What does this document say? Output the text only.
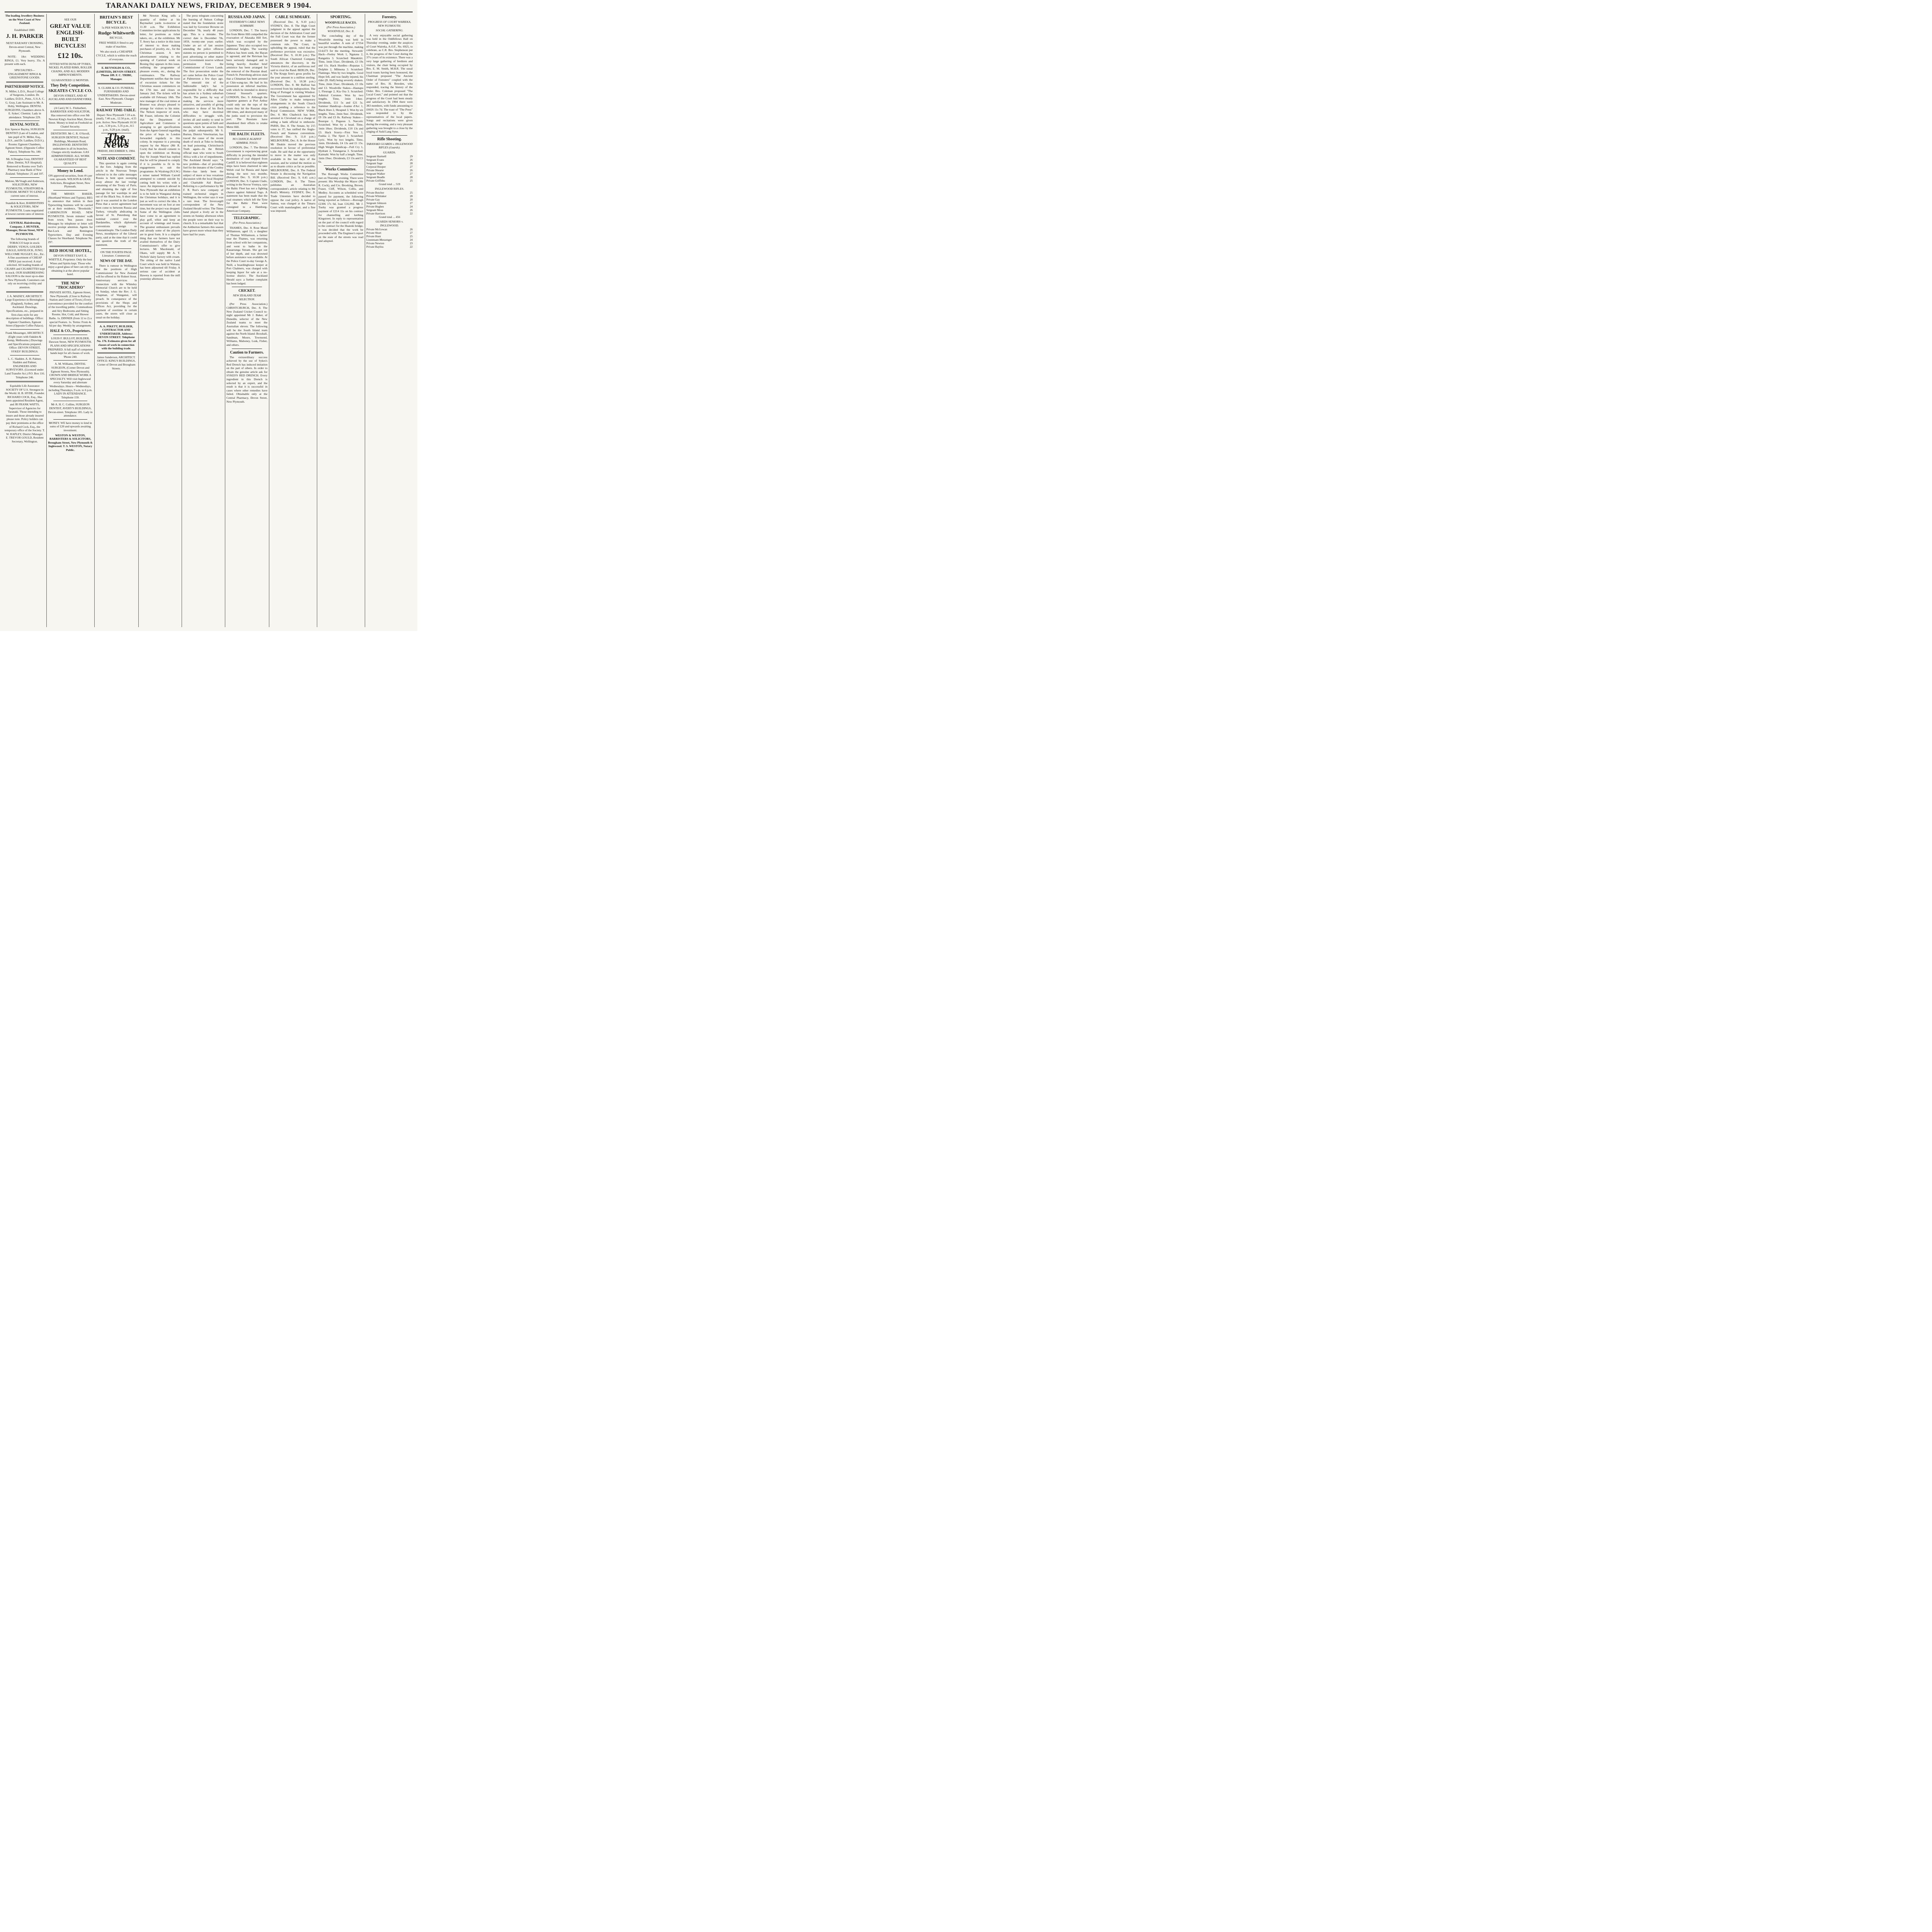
TARANAKI DAILY NEWS, FRIDAY, DECEMBER 9 1904.
The leading Jewellery Business on the West Coast of New Zealand.
Established 1880.
J. H. PARKER
NEXT RAILWAY CROSSING, Devon-street Central, New Plymouth.
NOTE: 18ct WEDDING RINGS, £1. Very heavy, 35s. A present with each.
SPECIALTIES—ENGAGEMENT RINGS & GREENSTONE GOODS.
PARTNERSHIP NOTICE.
N. Miller, L.D.S., Royal College of Surgeons, London. Dr. Laidlaw, D.D.S., Penn., U.S.A. C. G. Gray, Late Assistant to Mr. A. Hoby, Wellington. DENTAL SURGEONS, Chambers above A. E. Sykes', Chemist. Lady in attendance. Telephone 229.
DENTAL NOTICE.
Eric Spencer Bayley, SURGEON DENTIST (Late of London, and late pupil of N. Miller, Esq., L.D.S., and Dr. Laidlaw, D.D.S.). Rooms: Egmont Chambers, Egmont Street. (Opposite Coffee Palace). Telephone No. 180.
Mr. A Douglas Gray, DENTIST (Hon. Dentist, N.P. Hospital). Removed to Rooms over Tod's Pharmacy near Bank of New Zealand. Telephone: 25 and 107.
Malone, McVeagh and Anderson, SOLICITORS, NEW PLYMOUTH, STRATFORD & ELTHAM. MONEY TO LEND at current rates of interest.
Standish & Kerr, BARRISTERS & SOLICITORS, NEW PLYMOUTH. Loans negotiated at lowest current rates of interest.
CENTRAL Hairdressing Company. J. HUNTER, Manager, Devon Street, NEW PLYMOUTH.
The following brands of TOBACCO kept in stock: DERBY, VENUS, GOLDEN EAGLE, HAVELOCK, JUNO, WELCOME NUGGET, Etc., Etc. A fine assortment of CHEAP PIPES just received. A trial solicited. All leading brands of CIGARS and CIGARETTES kept in stock. OUR HAIRDRESSING SALOON is the most up-to-date in New Plymouth. Customers can rely on receiving civility and attention.
J. A. MAISEY, ARCHITECT. Large Experience in Birmingham (England), Sydney, and Auckland. Drawings, Specifications, etc., prepared in first-class style for any description of buildings. Office: Egmont Chambers, Egmont Street (Opposite Coffee Palace).
Frank Messenger, ARCHITECT. (Eight years with Oakden & Kemp, Melbourne.) Drawings and Specifications prepared. Office: DEVON STREET, SYKES' BUILDINGS.
L. C. Sladden. A. H. Palmer. Sladden and Palmer, ENGINEERS AND SURVEYORS. (Licensed under Land Transfer Act.) P.O. Box 116. Telephone 246.
Equitable Life Assurance SOCIETY OF U.S. Strongest in the World. H. B. HYDE, Founder. RICHARD COCK, Esq., Has been appointed Resident Agent, and JR FRANK WATTS, Supervisor of Agencies for Taranaki. Those intending to insure and those already insured please note. Policy holders can pay their premiums at the office of Richard Cock, Esq., the temporary office of the Society. T. W. RAPLEY, District Manager. E. TREVOR GOULD, Resident Secretary, Wellington.
SEE OUR
GREAT VALUE ENGLISH-BUILT BICYCLES!
£12 10s.
FITTED WITH DUNLOP TYRES, NICKEL PLATED RIMS, ROLLER CHAINS, AND ALL MODERN IMPROVEMENTS.
GUARANTEED 12 MONTHS.
They Defy Competition.
SKEATES CYCLE CO.
DEVON STREET, AND AT AUCKLAND AND DANNEVIRKE.
(A Card.) W. L. Fitzherbert, BARRISTER AND SOLICITOR, Has removed into office over Mr Newton King's Auction Mart, Devon Street. Money to lend on Freehold on Chattel Security.
DENTISTRY. Mr C. R. O'Arroll, SURGEON DENTIST, Nichols' Buildings, Mountain Road, INGLEWOOD. DENTISTRY undertaken in all its branches. Charges strictly moderate. GAS ADMINISTERED. ALL WORK GUARANTEED OF BEST QUALITY.
Money to Lend.
ON approved securities, from 4½ per cent. upwards. WILSON & GRAY, Solicitors, Brougham Street, New Plymouth.
THE MISSES BAKER, (Shorthand Writers and Typists). BEG to announce that tuition in their Typewriting business will be carried on at their residence, "Brookside," CARRINGTON ROAD, NEW PLYMOUTH. Seven minutes' walk from town; 'bus passes door. Messages by telephone or letter will receive prompt attention. Agents for Bar-Lock and Remington Typewriters. Day and Evening Classes for Shorthand. Telephone No. 297.
RED HOUSE HOTEL,
DEVON STREET EAST. E. WHITTLE, Proprietor. Only the best Wines and Spirits kept. Those who enjoy a good glass of beer can rely on obtaining it at the above popular hotel.
THE NEW "TROCADERO"
PRIVATE HOTEL, Egmont-Street, New Plymouth. (Close to Railway Station and Centre of Town.) Every convenience provided for the comfort of the travelling public. Commodious and Airy Bedrooms and Sitting Rooms. Hot, Cold, and Shower Baths. 1s. DINNER (from 12 to 2) a special Feature. 1s. Terms: From 4s 6d per day. Weekly by arrangement.
HALE & CO., Proprietors.
LOUIS F. BULLOT, BUILDER, Dawson Street, NEW PLYMOUTH. PLANS AND SPECIFICATIONS PREPARED. A full staff of competent hands kept for all classes of work. 'Phone 240.
A. M. Williams, DENTAL SURGEON, (Corner Devon and Egmont Streets, New Plymouth). CROWN AND BRIDGE WORK A SPECIALTY. Will visit Inglewood every Saturday and alternate Wednesdays. Hours—Wednesdays, including Thursdays, 9 a.m. to 6 p.m. LADY IN ATTENDANCE. Telephone 159.
Mr A. H. C. Collins, SURGEON DENTIST, AVERY'S BUILDINGS, Devon-street. Telephone 185. Lady in attendance.
MONEY. WE have money to lend in sums of £20 and upwards awaiting investment.
WESTON & WESTON, BARRISTERS & SOLICITORS, Brougham Street, New Plymouth & Inglewood. T. S. WESTON, Notary Public.
BRITAIN'S BEST BICYCLE.
5s PER WEEK BUYS A
Rudge-Whitworth
BICYCLE.
FREE WHEELS fitted to any make of machine.
We also stock a CHEAPER CYCLE, which is within the reach of everyone.
E. REYNOLDS & CO., (LIMITED), DEVON STREET. 'Phone 109. F. C. TRIBE, Manager.
S. CLARK & CO. FUNERAL FURNISHERS AND UNDERTAKERS. Devon-street East. New Plymouth. Charges Moderate.
RAILWAY TIME-TABLE.
Depart: New Plymouth 7.10 a.m. (mail), 7.40 a.m., 12.50 p.m., 4.55 p.m. Arrive: New Plymouth 10.50 a.m., 3.30 p.m., 5.35 p.m., 8.5 p.m., 9.20 p.m. (mail).
The Daily News
FRIDAY, DECEMBER 9, 1904.
NOTE AND COMMENT.
This question is again coming to the fore. Judging from the article in the Nouveau Temps referred to in the cable messages Russia is bent upon sweeping away almost the last vestige remaining of the Treaty of Paris, and obtaining the right of free passage for her warships in and out of the Black Sea. A short time ago it was asserted in the London Press that a secret agreement had been come to between Russia and Turkey, virtually abdicating in favour of St. Petersburg that nominal control over the Dardanelles, which diplomatic conventions assign to Constantinople. The London Daily News, mouthpiece of the Liberal party, said at the time that it could not question the truth of the statement.
ON THE FOURTH PAGE. Literature. Commercial.
NEWS OF THE DAY.
There is rumour in Wellington that the positions of High Commissioner for New Zealand will be offered to Sir Robert Stout. Anniversary services in connection with the Whiteley Memorial Church are to be held on Sunday, when the Rev. J. G. Chapman, of Wanganui, will preach. In consequence of the provisions of the Shops and Offices Act, providing for the payment of overtime in certain cases, the stores will close as usual on the holiday.
A. A. PIKETT, BUILDER, CONTRACTOR AND UNDERTAKER. Address: DEVON STREET. Telephone No. 176. Estimates given for all classes of work in connection with the building trade.
James Sanderson, ARCHITECT. OFFICE: KING'S BUILDINGS, Corner of Devon and Brougham Streets.
Mr Newton King sells a quantity of timber at his Baymarket yards to-morrow at 11.30 a.m. The Exhibition Committee invites applications by letter, for positions as ticket takers, etc., at the exhibition. Mr T. Avery has a notice in this issue of interest to those making purchases of jewelry, etc., for the Christmas season. A new advertisement relating to the opening of Carnival week on Boxing Day appears in this issue, outlining the programme of pleasure events, etc., during the continuance. The Railway Department notifies that the issue of excursion tickets for the Christmas season commences on the 17th inst. and closes on January 2nd. The tickets will be available till February 18th. The new manager of the coal mines at Brunner was always pleased to arrange for visitors to his mine. The Nelson inspector of stock, Mr Fraser, informs the Colonist that the Department of Agriculture and Commerce is arranging to get specifications from the Agent-General regarding the price of hops in London forwarded regularly to this colony. In response to a pressing request by the Mayor (Mr R. Cock) that he should consent to open the exhibition on Boxing Day Sir Joseph Ward has replied that he will be pleased to comply if it is possible to fit in his engagements to suit the programme. At Wyalong (N.S.W.) a miner named William Carroll attempted to commit suicide by cutting both his wrists with a razor. An impression is abroad in New Plymouth that an exhibition is to be held in Wanganui during the Christmas holidays, and it is just as well to correct the idea. A movement was set on foot at one time, but the project was dropped. Some of the Wellington clubs have come to an agreement to play golf, whist and keep an account of winnings and losses. The greatest enthusiasm prevails and already some of the players are in great form. It is a singular thing that our farmers have not availed themselves of the Dairy Commissioner's offer to give lectures. Mr Macdonald, of Okato, will supply Mr A. T. Nichols' dairy factory with cream. The sitting of the native Land Court which was held in Waitara, has been adjourned till Friday. A serious case of accident at Hawera is reported from the mill yesterday afternoon.
The press telegram concerning the burning of Nelson College stated that the foundation stone was laid by Governor Browne on December 7th, nearly 48 years ago. This is a mistake. The correct date is December 7th, 1859, twenty-one years earlier. Under an act of last session amending the police offences statutes no person is permitted to post advertising or other matter on a Government reserve without permission from the Commissioner of Crown Lands. The first prosecution under the act came before the Police Court at Palmerston a few days ago. The emerald tint of the fashionable lady's hat is responsible for a difficulty that has arisen in a Sydney suburban church. The pastor, by way of making the services more attractive, and possibly of giving assistance to those of his flock who may have doctrinal difficulties to struggle with, invites all and sundry to send in questions upon points of faith and morals, which he answers from the pulpit subsequently. Mr S. Burton, District Veterinarian, has traced the cause of the recent death of stock at Toko to feeding on lead poisoning. Christchurch Truth again—In the British official man who went to South Africa with a lot of impediments. The Auckland Herald says: "A new problem—that of providing fuel for the inmates of the Costley Home—has lately been the subject of more or less vexatious discussion with the local Hospital and Charitable Aid Board." Referring to a performance by Mr F. R. Roe's new company of trained orchestral singers in Wellington, the writer says it was a rare treat. The Invercargill correspondent of the New Zealand Herald writes: The Times band played a lively air in the streets on Sunday afternoon when the people were on their way to church. It is a remarkable fact that the Ashburton farmers this season have grown more wheat than they have had for years.
RUSSIA AND JAPAN.
YESTERDAY'S CABLE NEWS SUMMARY.
LONDON, Dec. 7. The heavy fire from Metre Hill compelled the evacuation of Akasaka Hill fort, which was occupied by the Japanese. They also occupied two additional heights. The warship Poltava has been sunk, the Bayan is aground, and the Retvisan has been seriously damaged and is listing heavily. Another brief armistice has been arranged for the removal of the Russian dead. French St. Petersburg advices state that a Chinaman has been arrested at Chin-wang-tao. He had in his possession an infernal machine, with which he intended to destroy General Stoessel's quarters. LONDON, Dec. 9. Although the Japanese gunners at Port Arthur could only see the tops of the masts they hit the Russian ships 180 times, and destroyed many of the junks used to provision the port. The Russians have abandoned their efforts to retake Metre Hill.
THE BALTIC FLEETS.
NO CHANCE AGAINST ADMIRAL TOGO.
LONDON, Dec. 7. The British Government is experiencing great difficulty in proving the intended destination of coal shipped from Cardiff. It is believed that eighteen ships have been chartered to take Welsh coal for Russia and Japan during the next two months. (Received Dec. 9, 10.30 p.m.) LONDON, Dec. 9. Captain Clado, writing in the Novoe Vremya, says the Baltic Fleet has not a fighting chance against Admiral Togo. A statement has been made that the coal steamers which left the Tyne for the Baltic Fleet were consigned to a Hamburg-American Company.
TELEGRAPHIC.
(Per Press Association.)
THAMES, Dec. 8. Rose Maud Williamson, aged 13, a daughter of Thomas Williamson, a farmer near the Thames, was returning from school with her companions, and went to bathe in the Kauaeranga Stream. She got out of her depth, and was drowned before assistance was available. At the Police Court to-day George A. Neill, a boardinghouse keeper at Port Chalmers, was charged with keeping liquor for sale at a no-license district. The Auckland Herald says: a further complaint has been lodged.
CRICKET.
NEW ZEALAND TEAM SELECTION.
(Per Press Association.) CHRISTCHURCH, Dec. 8. The New Zealand Cricket Council to-night appointed Mr J. Baker, of Dunedin, selector of the New Zealand teams to meet the Australian eleven. The following will be the South Island team against the North Island: Boxshall, Sandman, Moore, Townsend, Williams, Mahoney, Lusk, Fisher, and others.
Caution to Farmers.
The extraordinary success achieved by the use of Sykes's Red Drench has induced imitation on the part of others. In order to obtain the genuine article ask for SYKES'S RED DRENCH. Every ingredient in this Drench is selected by an expert, and the result is that it is successful in cases where other remedies have failed. Obtainable only at the Central Pharmacy, Devon Street, New Plymouth.
CABLE SUMMARY.
(Received Dec. 8, 9.10 p.m.) SYDNEY, Dec. 8. The High Court judgment in the appeal against the decision of the Arbitration Court and the Full Court was that the former possessed the power to make a common rule. The Court, in upholding the appeal, ruled that the preference provision was excessive. (Received Dec. 9, 10.30 p.m.) The South African Chartered Company announces the discovery, in the Victoria district, of an auriferous reef said to rival the Rand. BERLIN, Dec. 8. The Krupp firm's gross profits for the year amount to a million sterling. (Received Dec. 9, 10.38 p.m.) LONDON, Dec. 8. Mr Balfour has recovered from his indisposition. The King of Portugal is visiting Windsor. The Government has appointed Sir Allen Clarke to make temporary arrangements in the South Church crisis pending a reference to the Royal Commission. NEW YORK, Dec. 8. Mrs Chadwick has been arrested in Cleveland on a charge of aiding a bank official to embezzle. PARIS, Dec. 8. The Senate, by 215 votes to 37, has ratified the Anglo-French and Siamese conventions. (Received Dec. 9, 11.8 p.m.) MELBOURNE, Dec. 8. In the House Mr Deakin moved the previous resolution in favour of preferential trade. He said that at the opportunity to move in the matter was only available in the last days of the session, and he wished the motion so as to disarm critics as far as possible. MELBOURNE, Dec. 8. The Federal Senate is discussing the Navigation Bill. (Received Dec. 9, 0.45 a.m.) LONDON, Dec. 8. The Times publishes an Australian correspondent's article relating to Mr Reid's Ministry. SYDNEY, Dec. 8. Trade Unionists have decided to oppose the coal policy. A native of Samoa, was charged at the Timaru Court with manslaughter, and a fine was imposed.
SPORTING.
WOODVILLE RACES.
(Per Press Association.) WOODVILLE, Dec. 8.
The concluding day of the Woodville meeting was held in beautiful weather. A sum of £7354 was put through the machine, making £14,673 for the meeting. Stewards' Hack—Feeley Work 1, Ngatana 2, Rangatira 3. Scratched: Matakitiri. Time, 1min 55sec. Dividends, £3 19s and 11s. Hack Hurdles—Ropatau 1, Dolphin 2, Mibnona 3. Scratched: Flamingo. Won by two lengths. Good Hope fell, and was fatally injured, his rider (D. Hall) being severely shaken. Time, 2min 35sec. Dividends, £3 10s and £3. Woodville Stakes—Hautapu 1, Fleurage 2, Kia Ora 3. Scratched: Admiral Coronoe. Won by two lengths. Time, 1min 14sec. Dividends, £11 5s and £21 5s. Summer Handicap—Joanne d'Arc 1, Black Hore 2, Shrapnel 3. Won by six lengths. Time, 2min 9sec. Dividends, £9 19s and £3 8s. Railway Stakes—Bourque 1, Pegasus 3, Narcotic Scratched. Won by a head. Time, 1min 18sec. Dividends, £10 13s and £3. Hack Scurry—First Vew 1, Fushia 2, The Sport 3. Scratched: Lyric. Won by two lengths. Time, 1min. Dividends, £4 13s and £1 15s. High Weight Handicap—Full Cry 1, Hydrant 2, Tutangarua 3. Scratched: Kaimahi. Won by half a length. Time, 1min 19sec. Dividends, £3 13s and £1 6s.
Works Committee.
The Borough Works Committee met on Thursday evening. There were present: His Worship the Mayor (Mr R. Cock), and Crs. Brooking, Brown, Fraser, Cliff, Wilson, Collis, and Medley. Accounts as scheduled were passed for payment, the following being reported as follows:—Borough £2306 17s 6d, loan £16,992. Mr J. Tuohy was granted a progress payment of £214 11s on his contract for channelling and kerbing Kingstreet. In reply to representation on the part of the council with regard to the contract for the Huatoki bridge, it was decided that the work be proceeded with. The Engineer's report on the state of the streets was read and adopted.
Forestry.
PROGRESS OF COURT WAIREKA, NEW PLYMOUTH.
SOCIAL GATHERING.
A very enjoyable social gathering was held in the Oddfellows Hall on Thursday evening, under the auspices of Court Waireka, A.O.F., No. 6925, to celebrate, as C.R. Bro. Stephenson put it, the progress of the Court during the 37½ years of its existence. There was a very large gathering of brethren and visitors, the chair being occupied by Bro. E. M. Smith, M.H.R. The usual loyal toasts having been honoured, the Chairman proposed "The Ancient Order of Foresters" coupled with the name of Bro. H. Bowden, who responded, tracing the history of the Order. Bro. Coleman proposed "The Local Court," and pointed out that the progress of the Court had been steady and satisfactory. In 1904 there were 383 members, with funds amounting to £6026 11s 7d. The toast of "The Press" was responded to by the representatives of the local papers. Songs and recitations were given during the evening, and a very pleasant gathering was brought to a close by the singing of Auld Lang Syne.
Rifle Shooting.
TARANAKI GUARDS v. INGLEWOOD RIFLES (Guards).
GUARDS.
Sergeant Hartnell	29
Sergeant Evans	26
Sergeant Sage	28
Corporal Hooper	27
Private Shearer	26
Sergeant Walker	27
Sergeant Beadle	28
Private Griffiths	25
Grand total ... 519
INGLEWOOD RIFLES.
Private Butcher	25
Private Whittaker	28
Private Gay	20
Sergeant Johnson	27
Private Hughes	24
Sergeant Moss	26
Private Harrison	22
Grand total ... 456
GUARDS SENIORS v. INGLEWOOD.
Private McGowan	26
Private Short	27
Private Hunt	25
Lieutenant-Messenger	24
Private Newton	23
Private Bayliss	22
